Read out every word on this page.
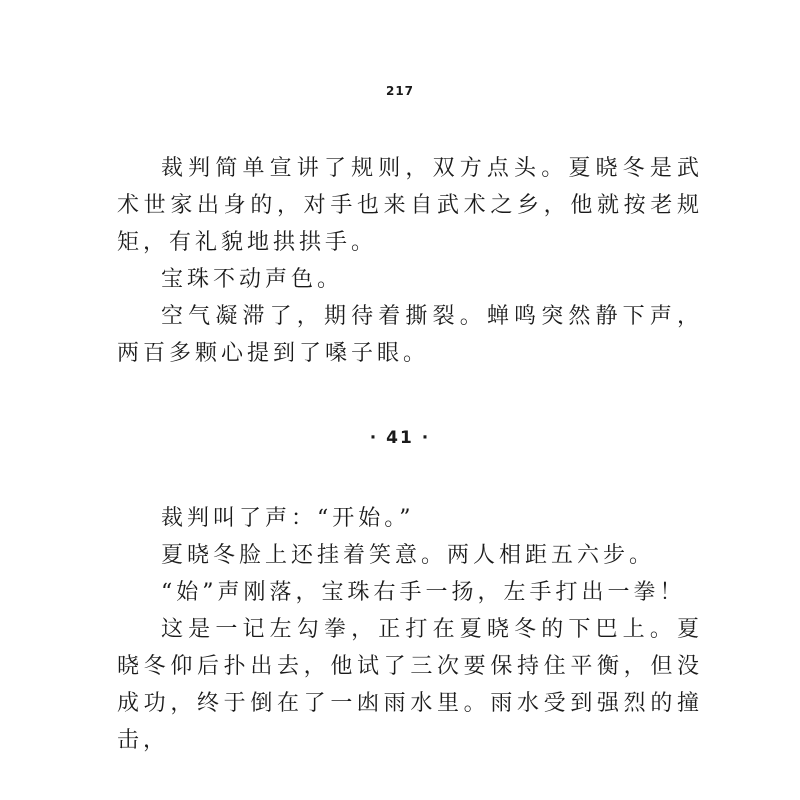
217

裁判简单宣讲了规则，双方点头。夏晓冬是武术世家出身的，对手也来自武术之乡，他就按老规矩，有礼貌地拱拱手。

宝珠不动声色。

空气凝滞了，期待着撕裂。蝉鸣突然静下声，两百多颗心提到了嗓子眼。

· 41 ·

裁判叫了声：“开始。”

夏晓冬脸上还挂着笑意。两人相距五六步。

“始”声刚落，宝珠右手一扬，左手打出一拳！

这是一记左勾拳，正打在夏晓冬的下巴上。夏晓冬仰后扑出去，他试了三次要保持住平衡，但没成功，终于倒在了一凼雨水里。雨水受到强烈的撞击，
